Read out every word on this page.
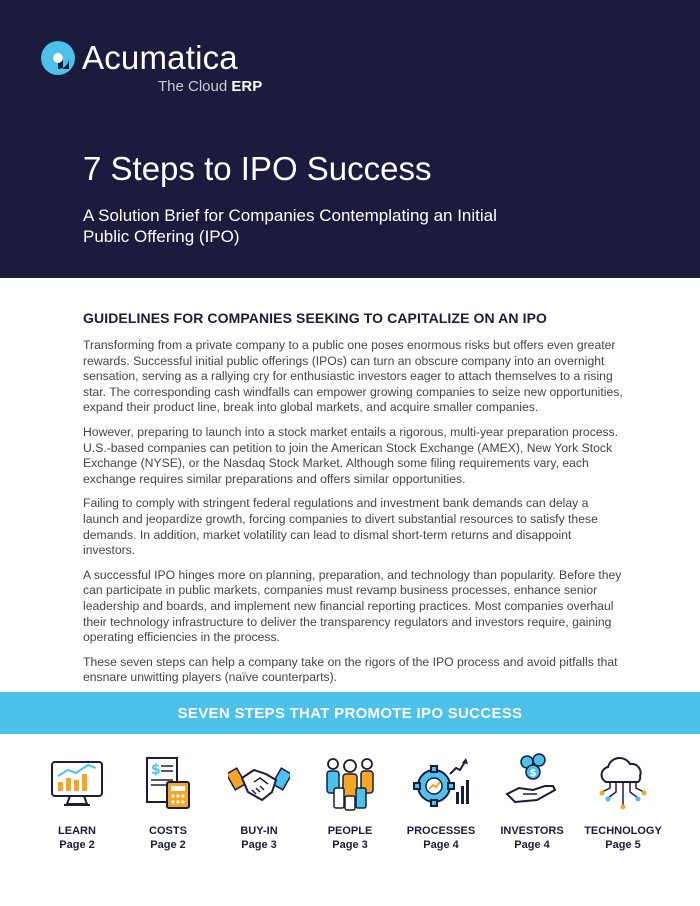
Acumatica
The Cloud ERP
7 Steps to IPO Success
A Solution Brief for Companies Contemplating an Initial Public Offering (IPO)
GUIDELINES FOR COMPANIES SEEKING TO CAPITALIZE ON AN IPO

Transforming from a private company to a public one poses enormous risks but offers even greater rewards. Successful initial public offerings (IPOs) can turn an obscure company into an overnight sensation, serving as a rallying cry for enthusiastic investors eager to attach themselves to a rising star. The corresponding cash windfalls can empower growing companies to seize new opportunities, expand their product line, break into global markets, and acquire smaller companies.

However, preparing to launch into a stock market entails a rigorous, multi-year preparation process. U.S.-based companies can petition to join the American Stock Exchange (AMEX), New York Stock Exchange (NYSE), or the Nasdaq Stock Market. Although some filing requirements vary, each exchange requires similar preparations and offers similar opportunities.

Failing to comply with stringent federal regulations and investment bank demands can delay a launch and jeopardize growth, forcing companies to divert substantial resources to satisfy these demands. In addition, market volatility can lead to dismal short-term returns and disappoint investors.

A successful IPO hinges more on planning, preparation, and technology than popularity. Before they can participate in public markets, companies must revamp business processes, enhance senior leadership and boards, and implement new financial reporting practices. Most companies overhaul their technology infrastructure to deliver the transparency regulators and investors require, gaining operating efficiencies in the process.

These seven steps can help a company take on the rigors of the IPO process and avoid pitfalls that ensnare unwitting players (naïve counterparts).

SEVEN STEPS THAT PROMOTE IPO SUCCESS
LEARN
Page 2
$
COSTS
Page 2
BUY-IN
Page 3
PEOPLE
Page 3
PROCESSES
Page 4
$
INVESTORS
Page 4
TECHNOLOGY
Page 5
